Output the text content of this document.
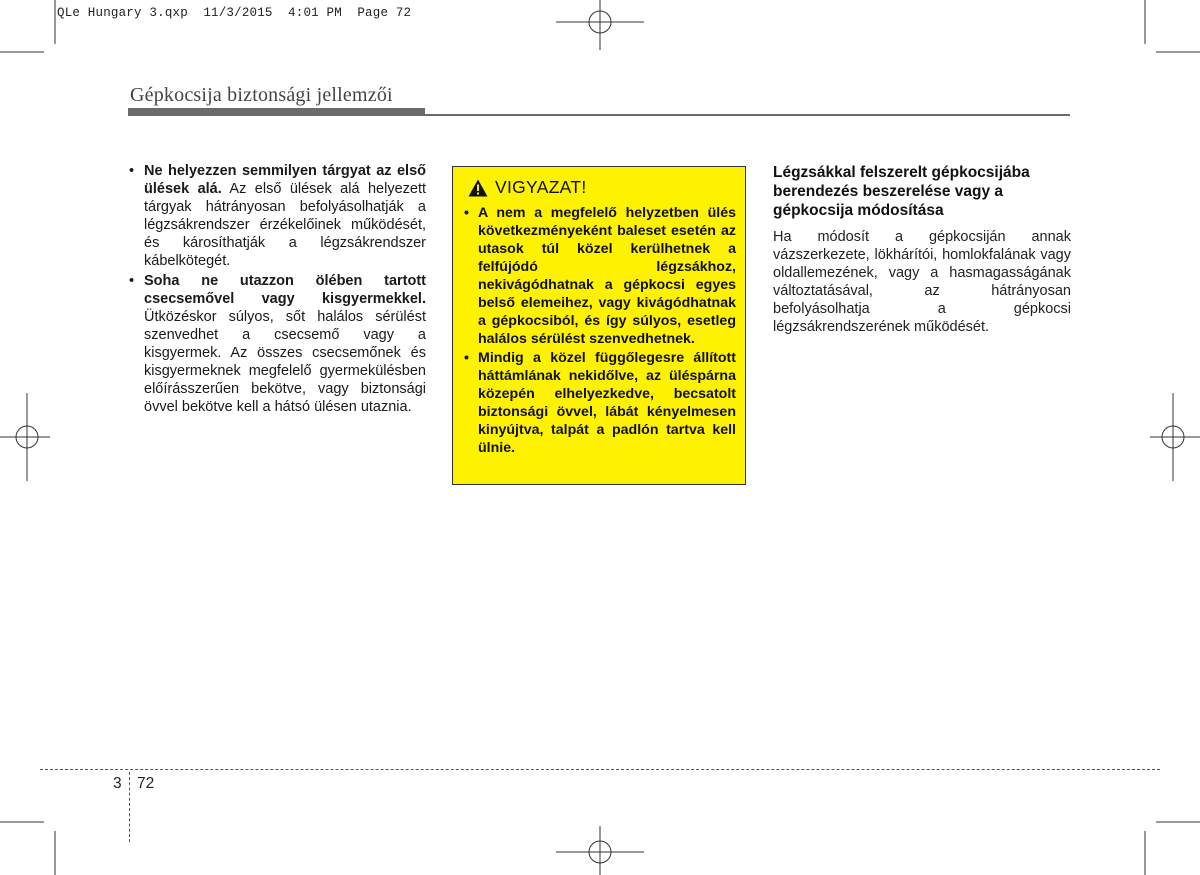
QLe Hungary 3.qxp  11/3/2015  4:01 PM  Page 72
Gépkocsija biztonsági jellemzői
• Ne helyezzen semmilyen tárgyat az első ülések alá. Az első ülések alá helyezett tárgyak hátrányosan befolyásolhatják a légzsákrendszer érzékelőinek működését, és károsíthatják a légzsákrendszer kábelkötegét.
• Soha ne utazzon ölében tartott csecsemővel vagy kisgyermekkel. Ütközéskor súlyos, sőt halálos sérülést szenvedhet a csecsemő vagy a kisgyermek. Az összes csecsemőnek és kisgyermeknek megfelelő gyermekülésben előírásszerűen bekötve, vagy biztonsági övvel bekötve kell a hátsó ülésen utaznia.
VIGYAZAT!
• A nem a megfelelő helyzetben ülés következményeként baleset esetén az utasok túl közel kerülhetnek a felfújódó légzsákhoz, nekivágódhatnak a gépkocsi egyes belső elemeihez, vagy kivágódhatnak a gépkocsiból, és így súlyos, esetleg halálos sérülést szenvedhetnek.
• Mindig a közel függőlegesre állított háttámlának nekidőlve, az üléspárna közepén elhelyezkedve, becsatolt biztonsági övvel, lábát kényelmesen kinyújtva, talpát a padlón tartva kell ülnie.

Légzsákkal felszerelt gépkocsijába berendezés beszerelése vagy a gépkocsija módosítása

Ha módosít a gépkocsiján annak vázszerkezete, lökhárítói, homlokfalának vagy oldallemezének, vagy a hasmagasságának változtatásával, az hátrányosan befolyásolhatja a gépkocsi légzsákrendszerének működését.

3 72
